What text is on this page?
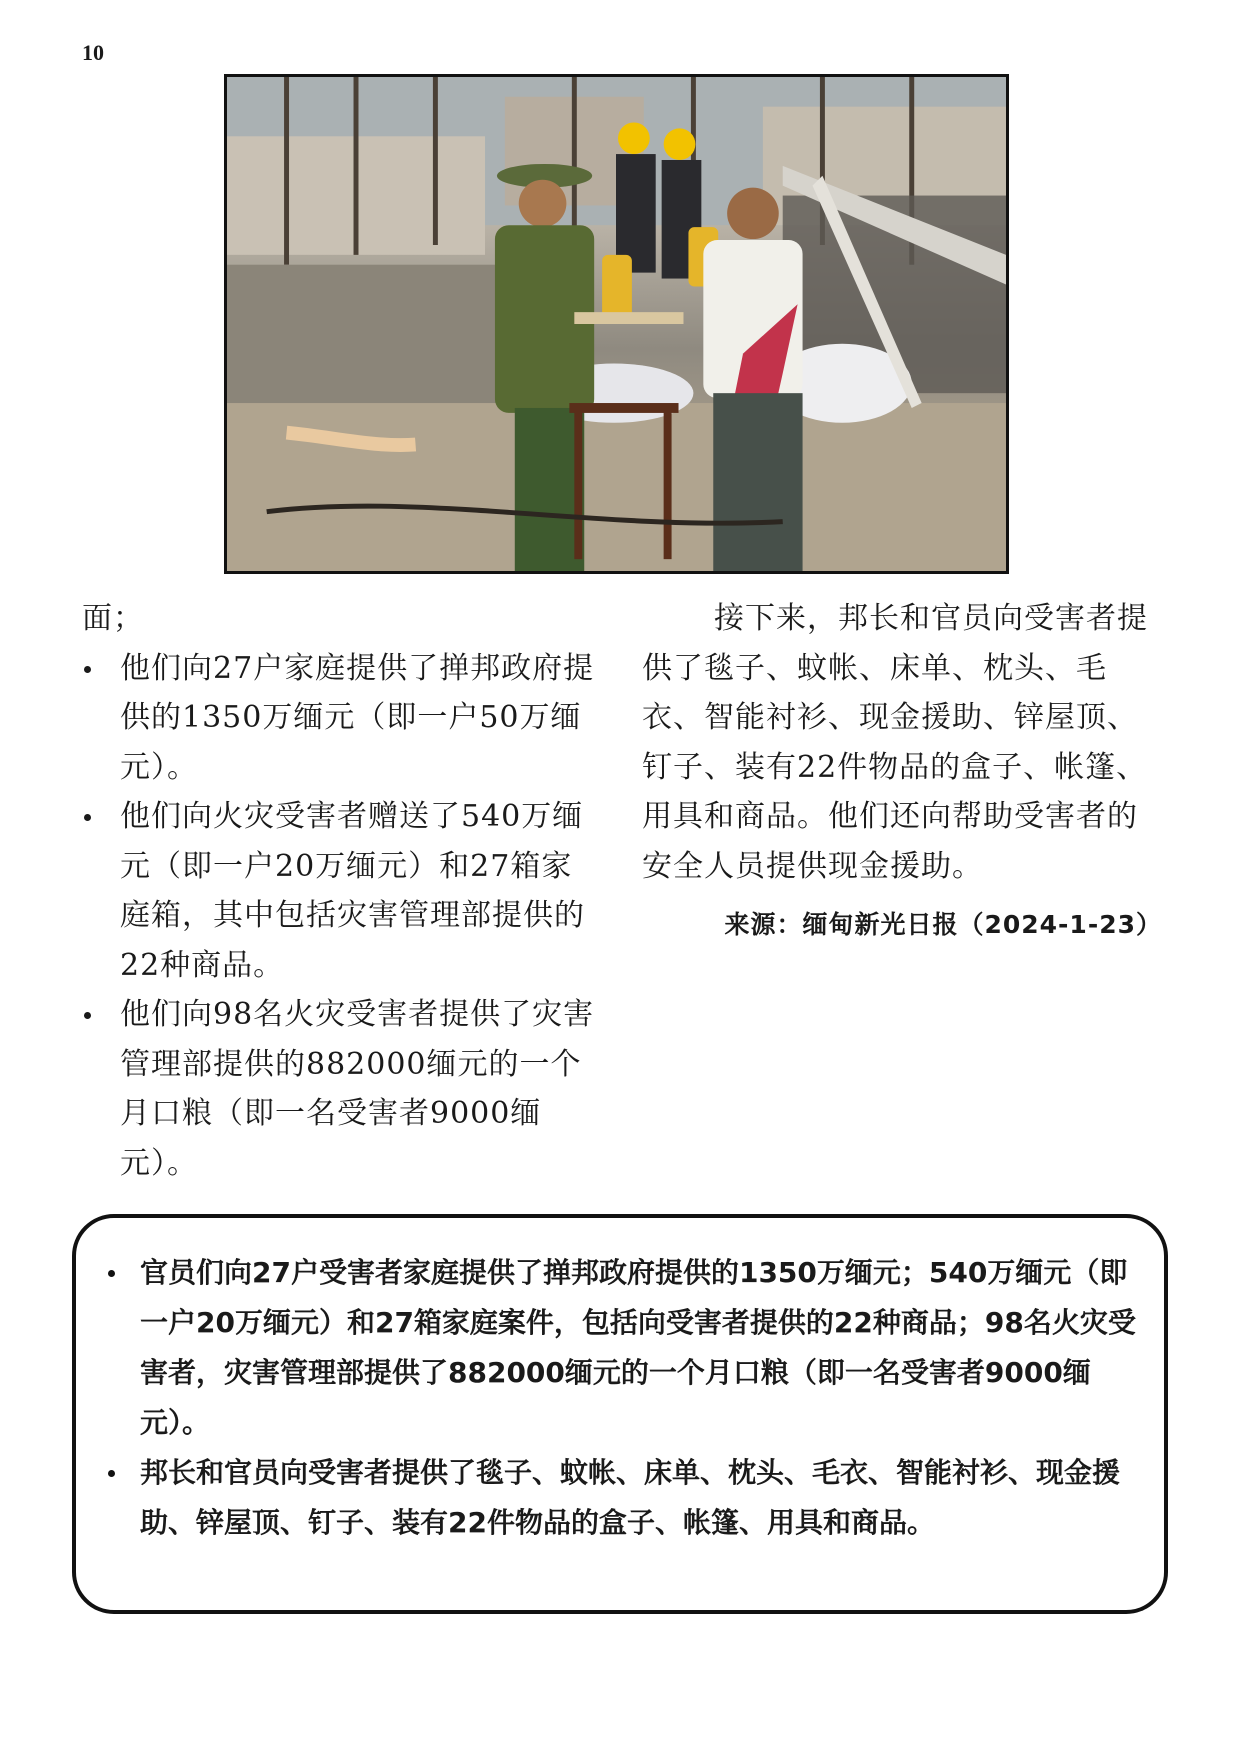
10
面；
他们向27户家庭提供了掸邦政府提供的1350万缅元（即一户50万缅元）。
他们向火灾受害者赠送了540万缅元（即一户20万缅元）和27箱家庭箱，其中包括灾害管理部提供的22种商品。
他们向98名火灾受害者提供了灾害管理部提供的882000缅元的一个月口粮（即一名受害者9000缅元）。

接下来，邦长和官员向受害者提供了毯子、蚊帐、床单、枕头、毛衣、智能衬衫、现金援助、锌屋顶、钉子、装有22件物品的盒子、帐篷、用具和商品。他们还向帮助受害者的安全人员提供现金援助。

来源：缅甸新光日报（2024-1-23）
官员们向27户受害者家庭提供了掸邦政府提供的1350万缅元；540万缅元（即一户20万缅元）和27箱家庭案件，包括向受害者提供的22种商品；98名火灾受害者，灾害管理部提供了882000缅元的一个月口粮（即一名受害者9000缅元）。
邦长和官员向受害者提供了毯子、蚊帐、床单、枕头、毛衣、智能衬衫、现金援助、锌屋顶、钉子、装有22件物品的盒子、帐篷、用具和商品。
